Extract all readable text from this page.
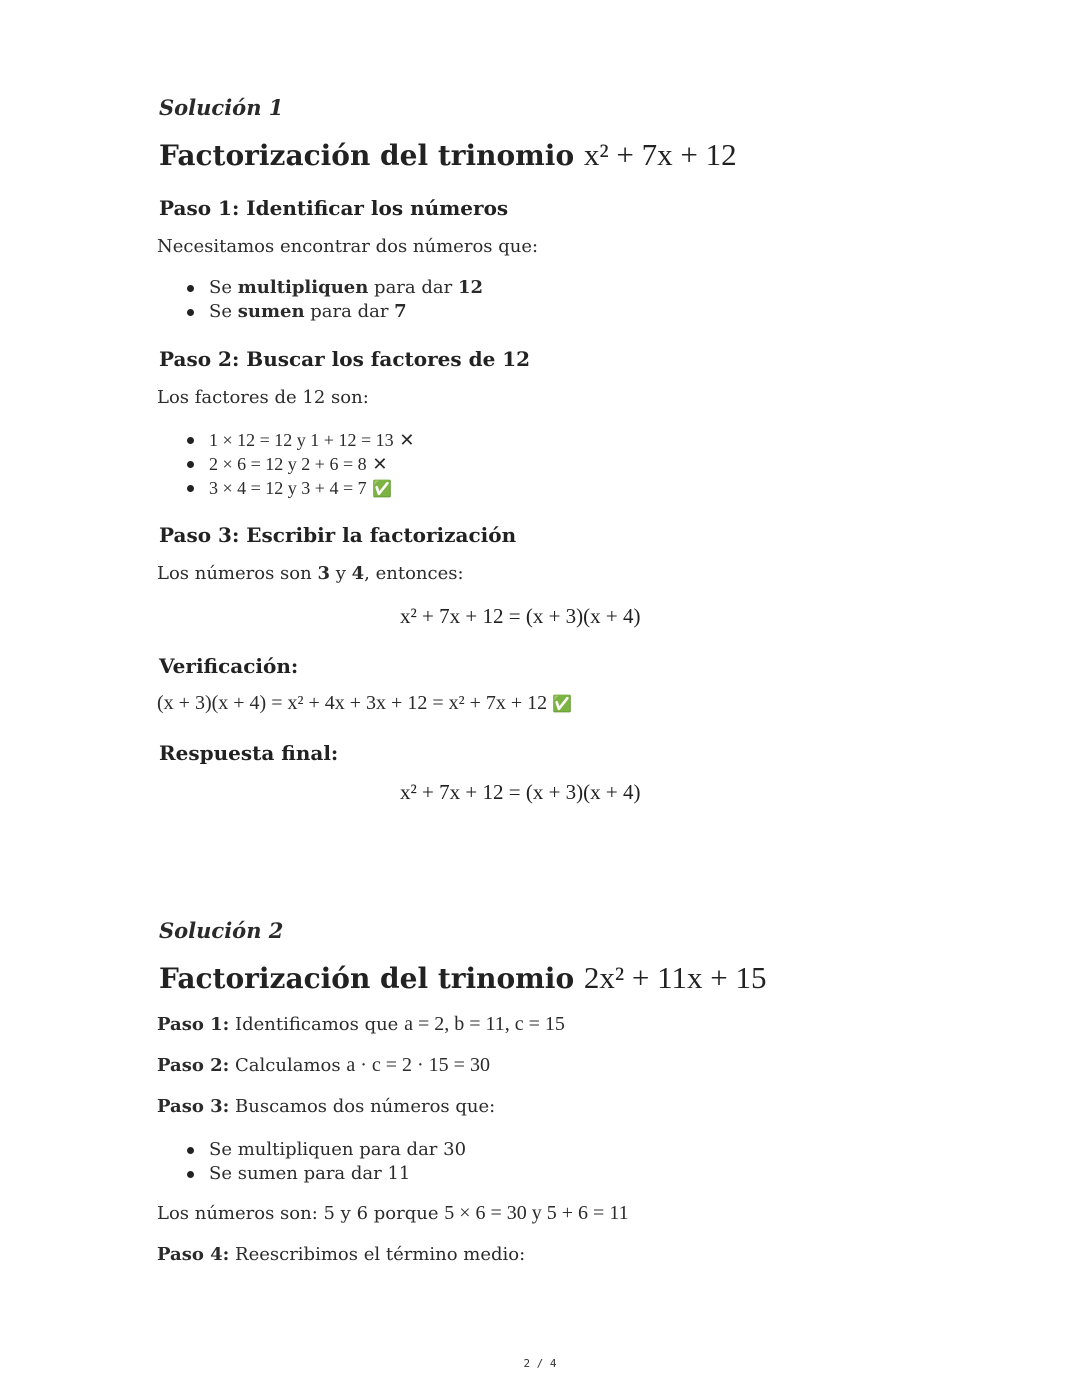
Solución 1
Factorización del trinomio x² + 7x + 12
Paso 1: Identificar los números
Necesitamos encontrar dos números que:
Se multipliquen para dar 12
Se sumen para dar 7
Paso 2: Buscar los factores de 12
Los factores de 12 son:
1 × 12 = 12 y 1 + 12 = 13 ✕
2 × 6 = 12 y 2 + 6 = 8 ✕
3 × 4 = 12 y 3 + 4 = 7 ✅
Paso 3: Escribir la factorización
Los números son 3 y 4, entonces:
x² + 7x + 12 = (x + 3)(x + 4)
Verificación:
(x + 3)(x + 4) = x² + 4x + 3x + 12 = x² + 7x + 12 ✅
Respuesta final:
x² + 7x + 12 = (x + 3)(x + 4)
Solución 2
Factorización del trinomio 2x² + 11x + 15
Paso 1: Identificamos que a = 2, b = 11, c = 15
Paso 2: Calculamos a · c = 2 · 15 = 30
Paso 3: Buscamos dos números que:
Se multipliquen para dar 30
Se sumen para dar 11
Los números son: 5 y 6 porque 5 × 6 = 30 y 5 + 6 = 11
Paso 4: Reescribimos el término medio:
2 / 4
